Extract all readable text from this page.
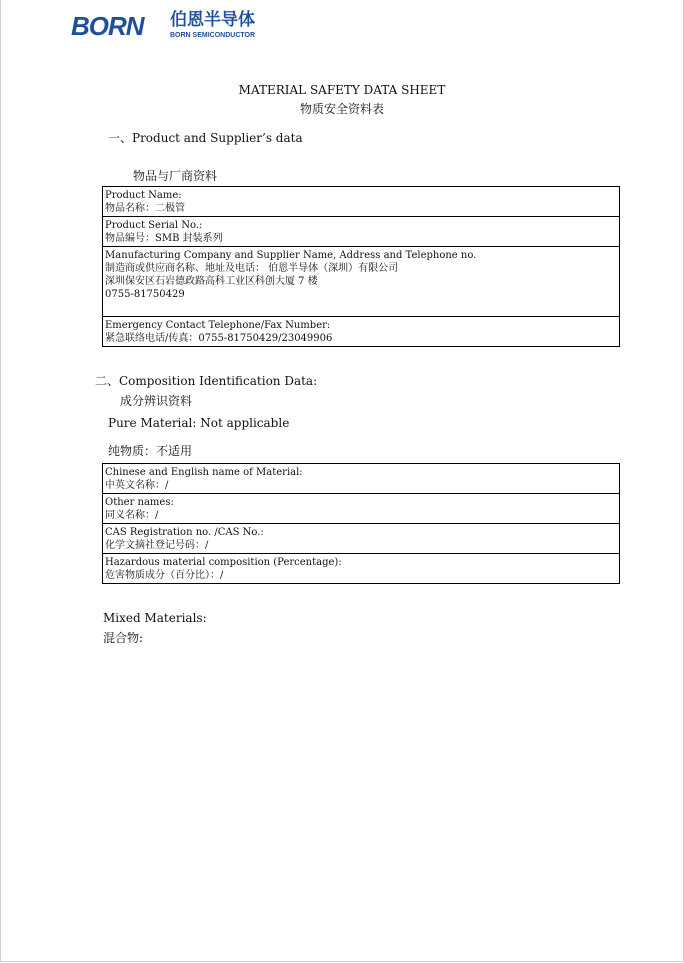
BORN 伯恩半导体
BORN SEMICONDUCTOR
MATERIAL SAFETY DATA SHEET
物质安全资料表
一、Product and Supplier’s data
物品与厂商资料
Product Name:
物品名称：二极管

Product Serial No.:
物品编号：SMB 封装系列

Manufacturing Company and Supplier Name, Address and Telephone no.
制造商或供应商名称、地址及电话： 伯恩半导体（深圳）有限公司
深圳保安区石岩德政路高科工业区科创大厦 7 楼
0755-81750429

Emergency Contact Telephone/Fax Number:
紧急联络电话/传真：0755-81750429/23049906
二、Composition Identification Data:
成分辨识资料
Pure Material: Not applicable
纯物质：不适用
Chinese and English name of Material:
中英文名称：/

Other names:
同义名称：/

CAS Registration no. /CAS No.:
化学文摘社登记号码：/

Hazardous material composition (Percentage):
危害物质成分（百分比）：/
Mixed Materials:
混合物:
